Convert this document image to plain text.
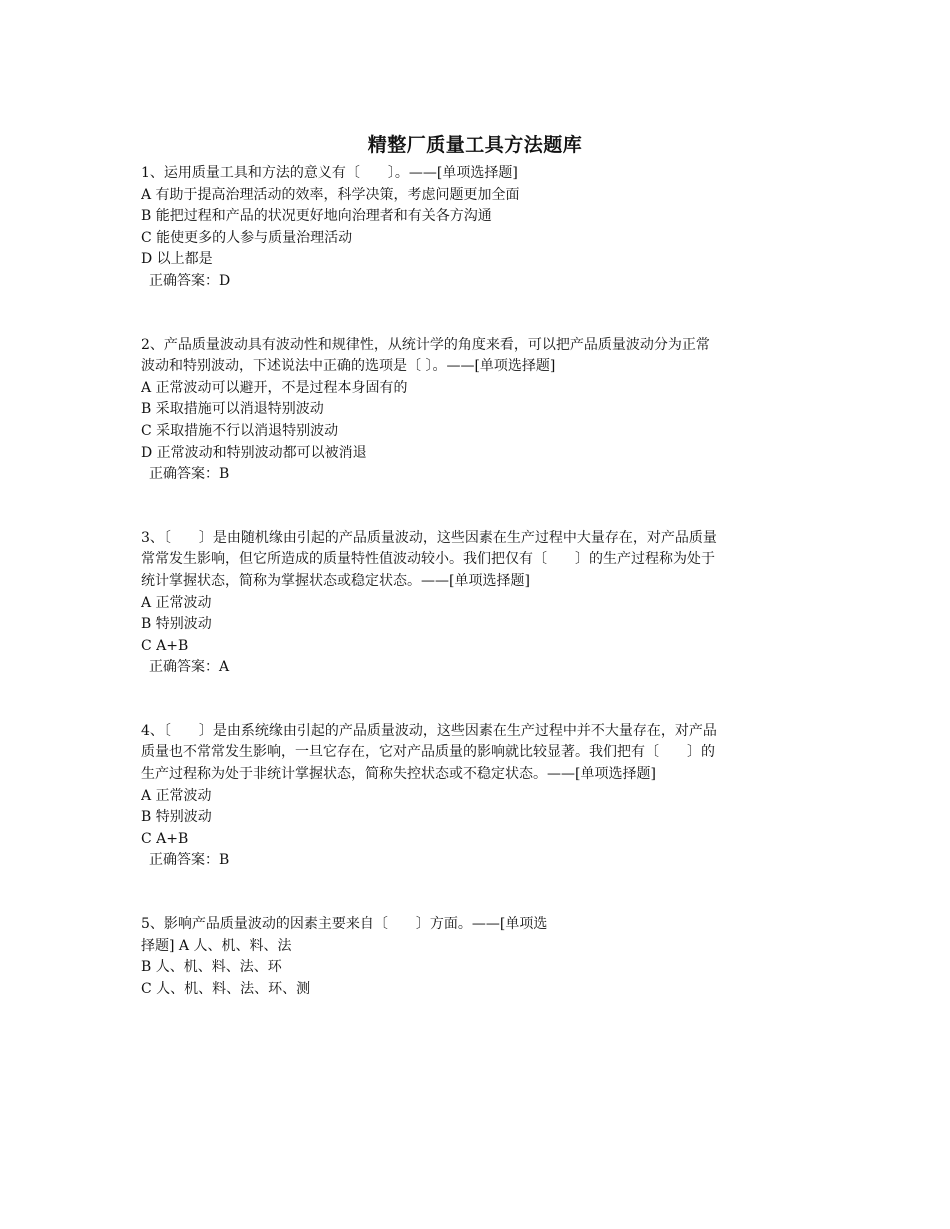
精整厂质量工具方法题库
1、运用质量工具和方法的意义有〔　　〕。——[单项选择题]
A 有助于提高治理活动的效率，科学决策，考虑问题更加全面
B 能把过程和产品的状况更好地向治理者和有关各方沟通
C 能使更多的人参与质量治理活动
D 以上都是
正确答案：D
2、产品质量波动具有波动性和规律性，从统计学的角度来看，可以把产品质量波动分为正常
波动和特别波动，下述说法中正确的选项是〔 〕。——[单项选择题]
A 正常波动可以避开，不是过程本身固有的
B 采取措施可以消退特别波动
C 采取措施不行以消退特别波动
D 正常波动和特别波动都可以被消退
正确答案：B
3、〔　　〕是由随机缘由引起的产品质量波动，这些因素在生产过程中大量存在，对产品质量
常常发生影响，但它所造成的质量特性值波动较小。我们把仅有〔　　〕的生产过程称为处于
统计掌握状态，简称为掌握状态或稳定状态。——[单项选择题]
A 正常波动
B 特别波动
C A+B
正确答案：A
4、〔　　〕是由系统缘由引起的产品质量波动，这些因素在生产过程中并不大量存在，对产品
质量也不常常发生影响，一旦它存在，它对产品质量的影响就比较显著。我们把有〔　　〕的
生产过程称为处于非统计掌握状态，简称失控状态或不稳定状态。——[单项选择题]
A 正常波动
B 特别波动
C A+B
正确答案：B
5、影响产品质量波动的因素主要来自〔　　〕方面。——[单项选
择题] A 人、机、料、法
B 人、机、料、法、环
C 人、机、料、法、环、测
